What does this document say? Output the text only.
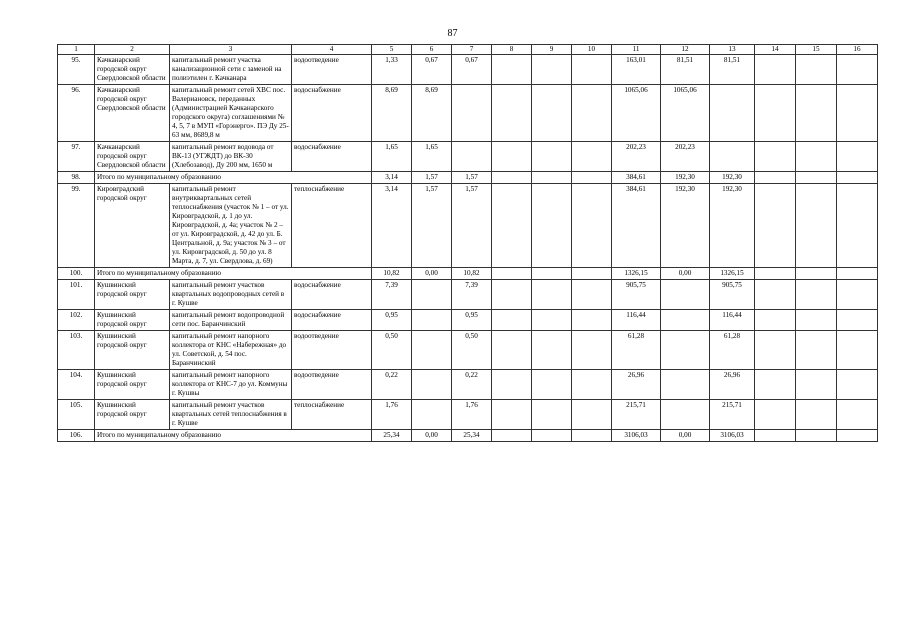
87
1	2	3	4	5	6	7	8	9	10	11	12	13	14	15	16
95.	Качканарский городской округ Свердловской области	капитальный ремонт участка канализационной сети с заменой на полиэтилен г. Качканара	водоотведение	1,33	0,67	0,67				163,01	81,51	81,51			
96.	Качканарский городской округ Свердловской области	капитальный ремонт сетей ХВС пос. Валериановск, переданных (Администрацией Качканарского городского округа) соглашениями № 4, 5, 7 в МУП «Горэнерго». ПЭ Ду 25-63 мм, 8689,8 м	водоснабжение	8,69	8,69					1065,06	1065,06				
97.	Качканарский городской округ Свердловской области	капитальный ремонт водовода от ВК-13 (УГЖДТ) до ВК-30 (Хлебозавод), Ду 200 мм, 1650 м	водоснабжение	1,65	1,65					202,23	202,23				
98.	Итого по муниципальному образованию			3,14	1,57	1,57				384,61	192,30	192,30			
99.	Кировградский городской округ	капитальный ремонт внутриквартальных сетей теплоснабжения (участок № 1 – от ул. Кировградской, д. 1 до ул. Кировградской, д. 4а; участок № 2 – от ул. Кировградской, д. 42 до ул. Б. Центральной, д. 9а; участок № 3 – от ул. Кировградской, д. 50 до ул. 8 Марта, д. 7, ул. Свердлова, д. 69)	теплоснабжение	3,14	1,57	1,57				384,61	192,30	192,30			
100.	Итого по муниципальному образованию			10,82	0,00	10,82				1326,15	0,00	1326,15			
101.	Кушвинский городской округ	капитальный ремонт участков квартальных водопроводных сетей в г. Кушве	водоснабжение	7,39		7,39				905,75		905,75			
102.	Кушвинский городской округ	капитальный ремонт водопроводной сети пос. Баранчинский	водоснабжение	0,95		0,95				116,44		116,44			
103.	Кушвинский городской округ	капитальный ремонт напорного коллектора от КНС «Набережная» до ул. Советской, д. 54 пос. Баранчинский	водоотведение	0,50		0,50				61,28		61,28			
104.	Кушвинский городской округ	капитальный ремонт напорного коллектора от КНС-7 до ул. Коммуны г. Кушвы	водоотведение	0,22		0,22				26,96		26,96			
105.	Кушвинский городской округ	капитальный ремонт участков квартальных сетей теплоснабжения в г. Кушве	теплоснабжение	1,76		1,76				215,71		215,71			
106.	Итого по муниципальному образованию			25,34	0,00	25,34				3106,03	0,00	3106,03			
